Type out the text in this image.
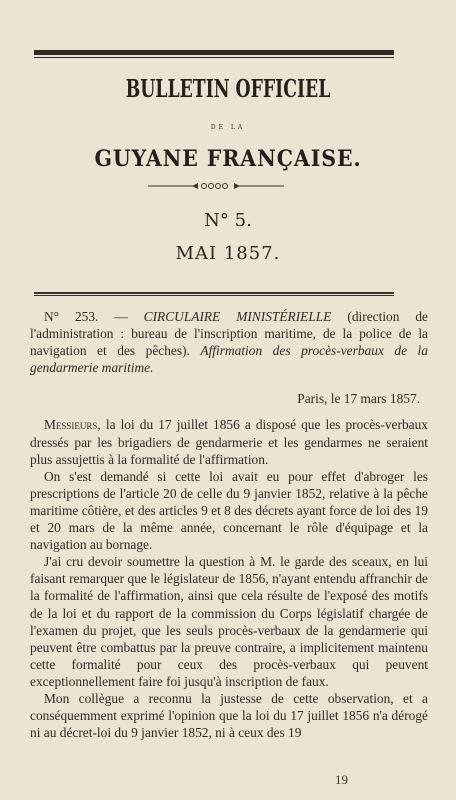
BULLETIN OFFICIEL
DE LA
GUYANE FRANÇAISE.
N° 5.
MAI 1857.

N° 253. — CIRCULAIRE MINISTÉRIELLE (direction de l'administration : bureau de l'inscription maritime, de la police de la navigation et des pêches). Affirmation des procès-verbaux de la gendarmerie maritime.

Paris, le 17 mars 1857.

Messieurs, la loi du 17 juillet 1856 a disposé que les procès-verbaux dressés par les brigadiers de gendarmerie et les gendarmes ne seraient plus assujettis à la formalité de l'affirmation.

On s'est demandé si cette loi avait eu pour effet d'abroger les prescriptions de l'article 20 de celle du 9 janvier 1852, relative à la pêche maritime côtière, et des articles 9 et 8 des décrets ayant force de loi des 19 et 20 mars de la même année, concernant le rôle d'équipage et la navigation au bornage.

J'ai cru devoir soumettre la question à M. le garde des sceaux, en lui faisant remarquer que le législateur de 1856, n'ayant entendu affranchir de la formalité de l'affirmation, ainsi que cela résulte de l'exposé des motifs de la loi et du rapport de la commission du Corps législatif chargée de l'examen du projet, que les seuls procès-verbaux de la gendarmerie qui peuvent être combattus par la preuve contraire, a implicitement maintenu cette formalité pour ceux des procès-verbaux qui peuvent exceptionnellement faire foi jusqu'à inscription de faux.

Mon collègue a reconnu la justesse de cette observation, et a conséquemment exprimé l'opinion que la loi du 17 juillet 1856 n'a dérogé ni au décret-loi du 9 janvier 1852, ni à ceux des 19

19
